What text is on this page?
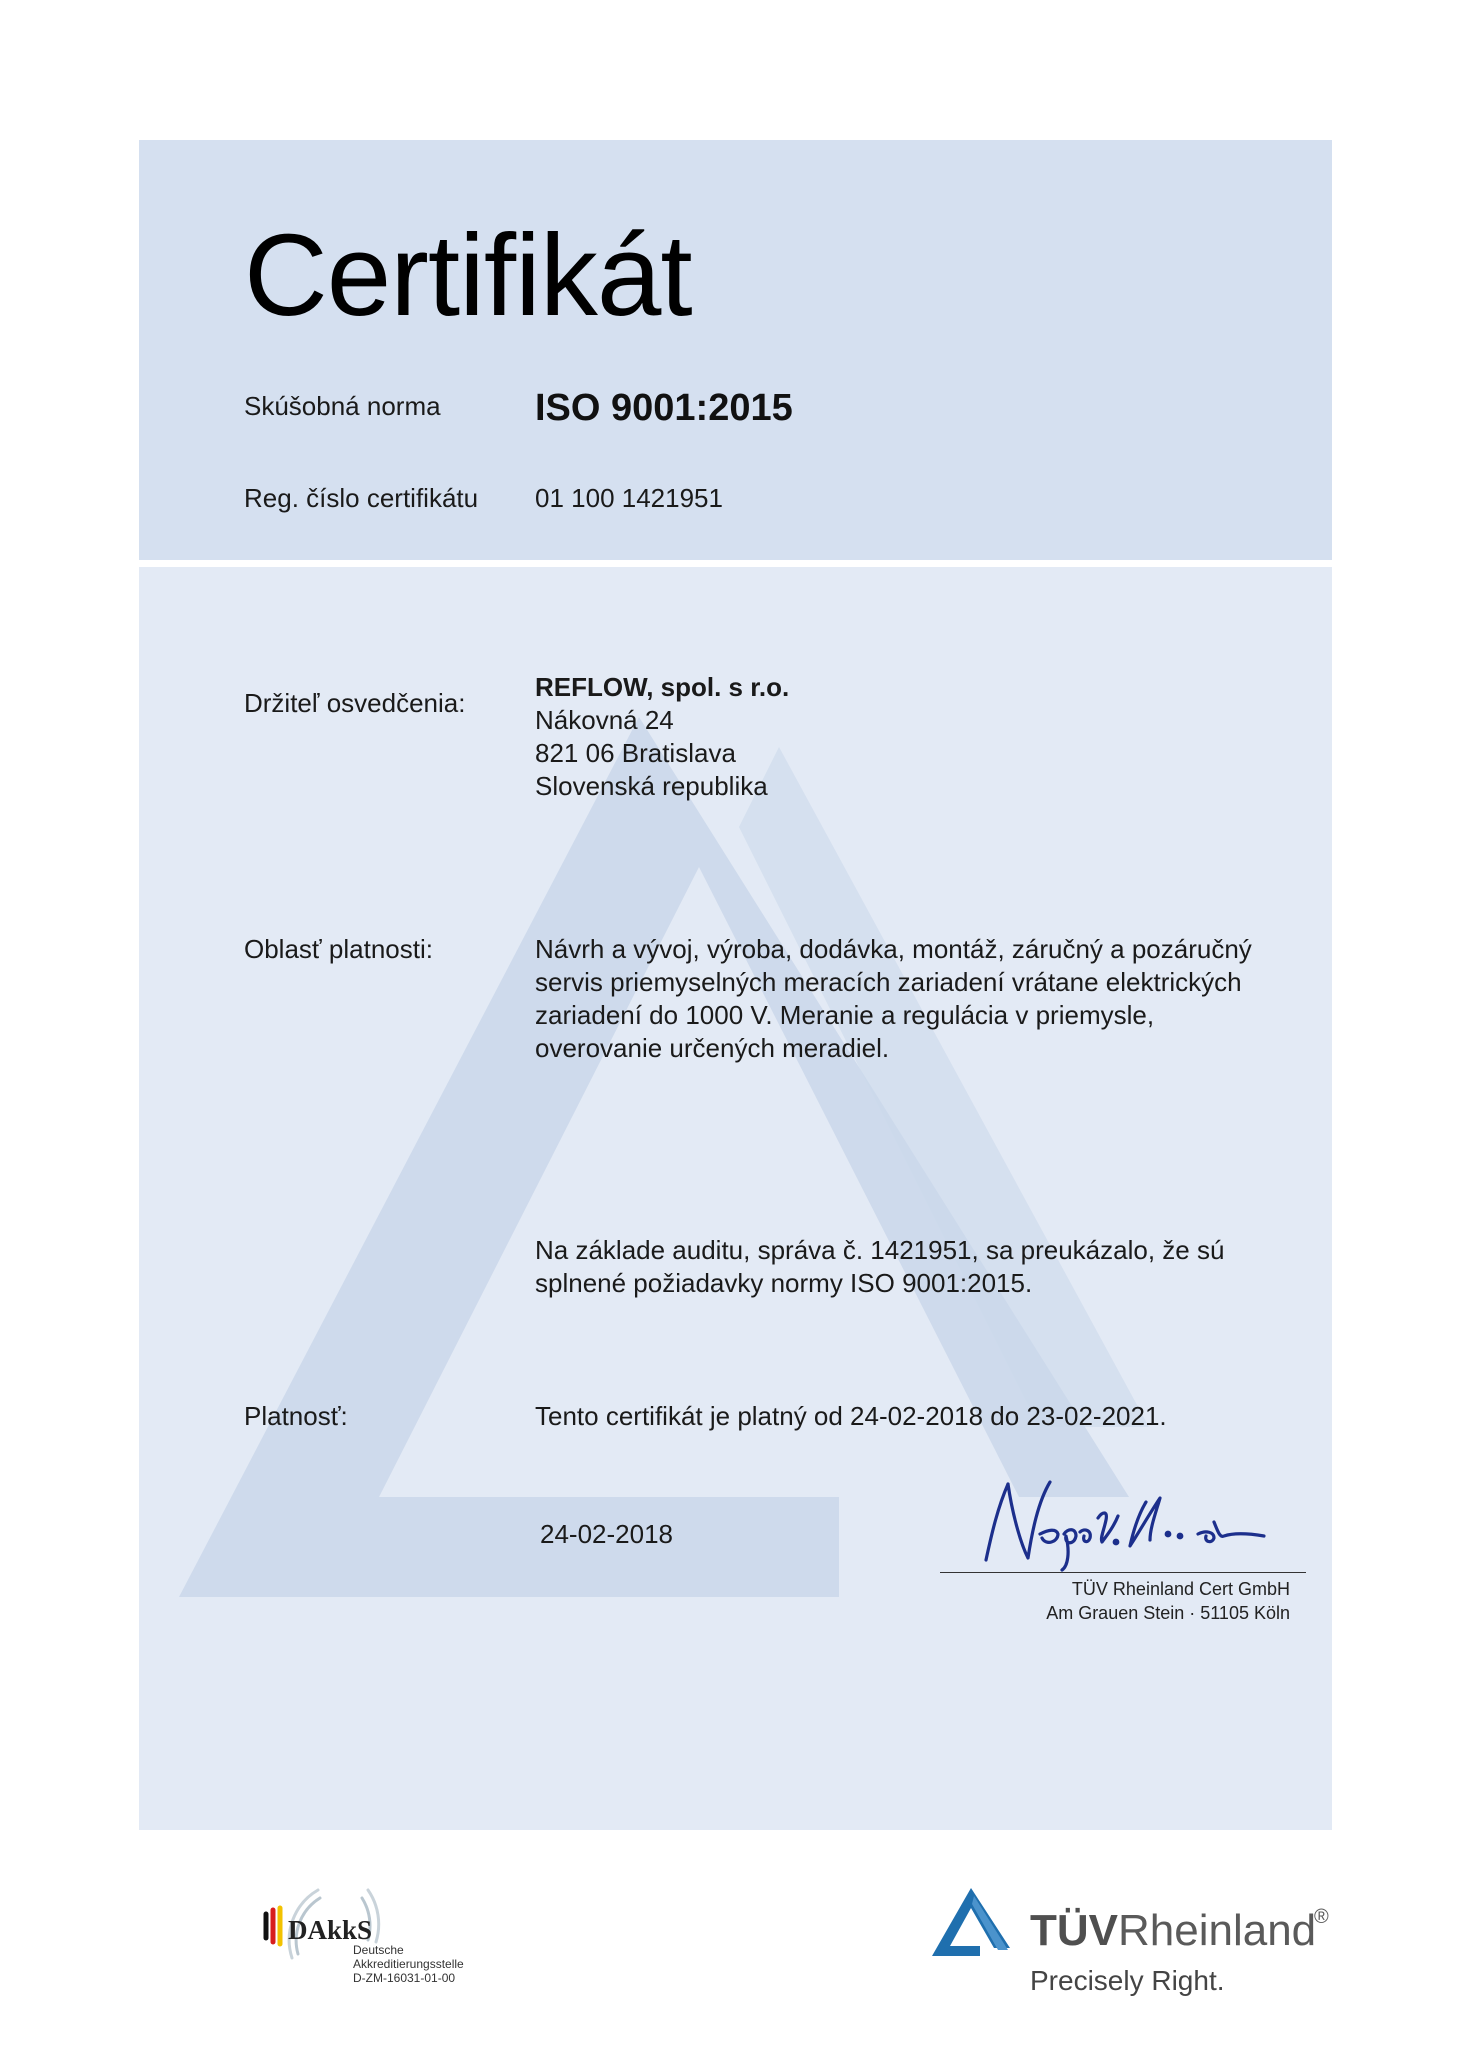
Certifikát
Skúšobná norma ISO 9001:2015
Reg. číslo certifikátu 01 100 1421951
Držiteľ osvedčenia:
REFLOW, spol. s r.o.
Nákovná 24
821 06 Bratislava
Slovenská republika
Oblasť platnosti:	Návrh a vývoj, výroba, dodávka, montáž, záručný a pozáručný
servis priemyselných meracích zariadení vrátane elektrických
zariadení do 1000 V. Meranie a regulácia v priemysle,
overovanie určených meradiel.
Na základe auditu, správa č. 1421951, sa preukázalo, že sú
splnené požiadavky normy ISO 9001:2015.
Platnosť:	Tento certifikát je platný od 24-02-2018 do 23-02-2021.
24-02-2018
TÜV Rheinland Cert GmbH
Am Grauen Stein · 51105 Köln
DAkkS
Deutsche
Akkreditierungsstelle
D-ZM-16031-01-00
TÜVRheinland
®
Precisely Right.
